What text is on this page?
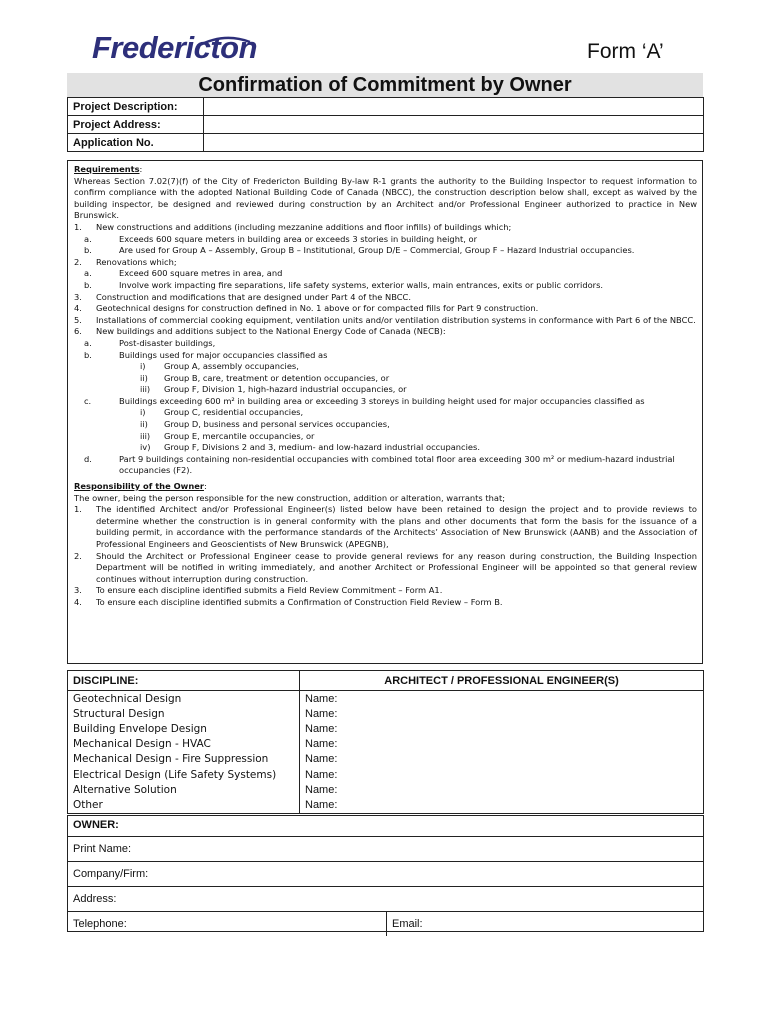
Fredericton	Form ‘A’
Confirmation of Commitment by Owner
Project Description:	
Project Address:	
Application No.	

Requirements:

Whereas Section 7.02(7)(f) of the City of Fredericton Building By-law R-1 grants the authority to the Building Inspector to request information to confirm compliance with the adopted National Building Code of Canada (NBCC), the construction description below shall, except as waived by the building inspector, be designed and reviewed during construction by an Architect and/or Professional Engineer authorized to practice in New Brunswick.

1. New constructions and additions (including mezzanine additions and floor infills) of buildings which;
a.	Exceeds 600 square meters in building area or exceeds 3 stories in building height, or
b.	Are used for Group A – Assembly, Group B – Institutional, Group D/E – Commercial, Group F – Hazard Industrial occupancies.
2. Renovations which;
a.	Exceed 600 square metres in area, and
b.	Involve work impacting fire separations, life safety systems, exterior walls, main entrances, exits or public corridors.
3. Construction and modifications that are designed under Part 4 of the NBCC.
4. Geotechnical designs for construction defined in No. 1 above or for compacted fills for Part 9 construction.
5. Installations of commercial cooking equipment, ventilation units and/or ventilation distribution systems in conformance with Part 6 of the NBCC.
6. New buildings and additions subject to the National Energy Code of Canada (NECB):
a.	Post-disaster buildings,
b.	Buildings used for major occupancies classified as
i) Group A, assembly occupancies,
ii) Group B, care, treatment or detention occupancies, or
iii) Group F, Division 1, high-hazard industrial occupancies, or
c.	Buildings exceeding 600 m² in building area or exceeding 3 storeys in building height used for major occupancies classified as
i) Group C, residential occupancies,
ii) Group D, business and personal services occupancies,
iii) Group E, mercantile occupancies, or
iv) Group F, Divisions 2 and 3, medium- and low-hazard industrial occupancies.
d.	Part 9 buildings containing non-residential occupancies with combined total floor area exceeding 300 m² or medium-hazard industrial occupancies (F2).

Responsibility of the Owner:

The owner, being the person responsible for the new construction, addition or alteration, warrants that;

1. The identified Architect and/or Professional Engineer(s) listed below have been retained to design the project and to provide reviews to determine whether the construction is in general conformity with the plans and other documents that form the basis for the issuance of a building permit, in accordance with the performance standards of the Architects’ Association of New Brunswick (AANB) and the Association of Professional Engineers and Geoscientists of New Brunswick (APEGNB),
2. Should the Architect or Professional Engineer cease to provide general reviews for any reason during construction, the Building Inspection Department will be notified in writing immediately, and another Architect or Professional Engineer will be appointed so that general review continues without interruption during construction.
3. To ensure each discipline identified submits a Field Review Commitment – Form A1.
4. To ensure each discipline identified submits a Confirmation of Construction Field Review – Form B.
DISCIPLINE:	ARCHITECT / PROFESSIONAL ENGINEER(S)
Geotechnical Design	Name:
Structural Design	Name:
Building Envelope Design	Name:
Mechanical Design - HVAC	Name:
Mechanical Design - Fire Suppression	Name:
Electrical Design (Life Safety Systems)	Name:
Alternative Solution	Name:
Other	Name:
OWNER:
Print Name:
Company/Firm:
Address:
Telephone:	Email:
